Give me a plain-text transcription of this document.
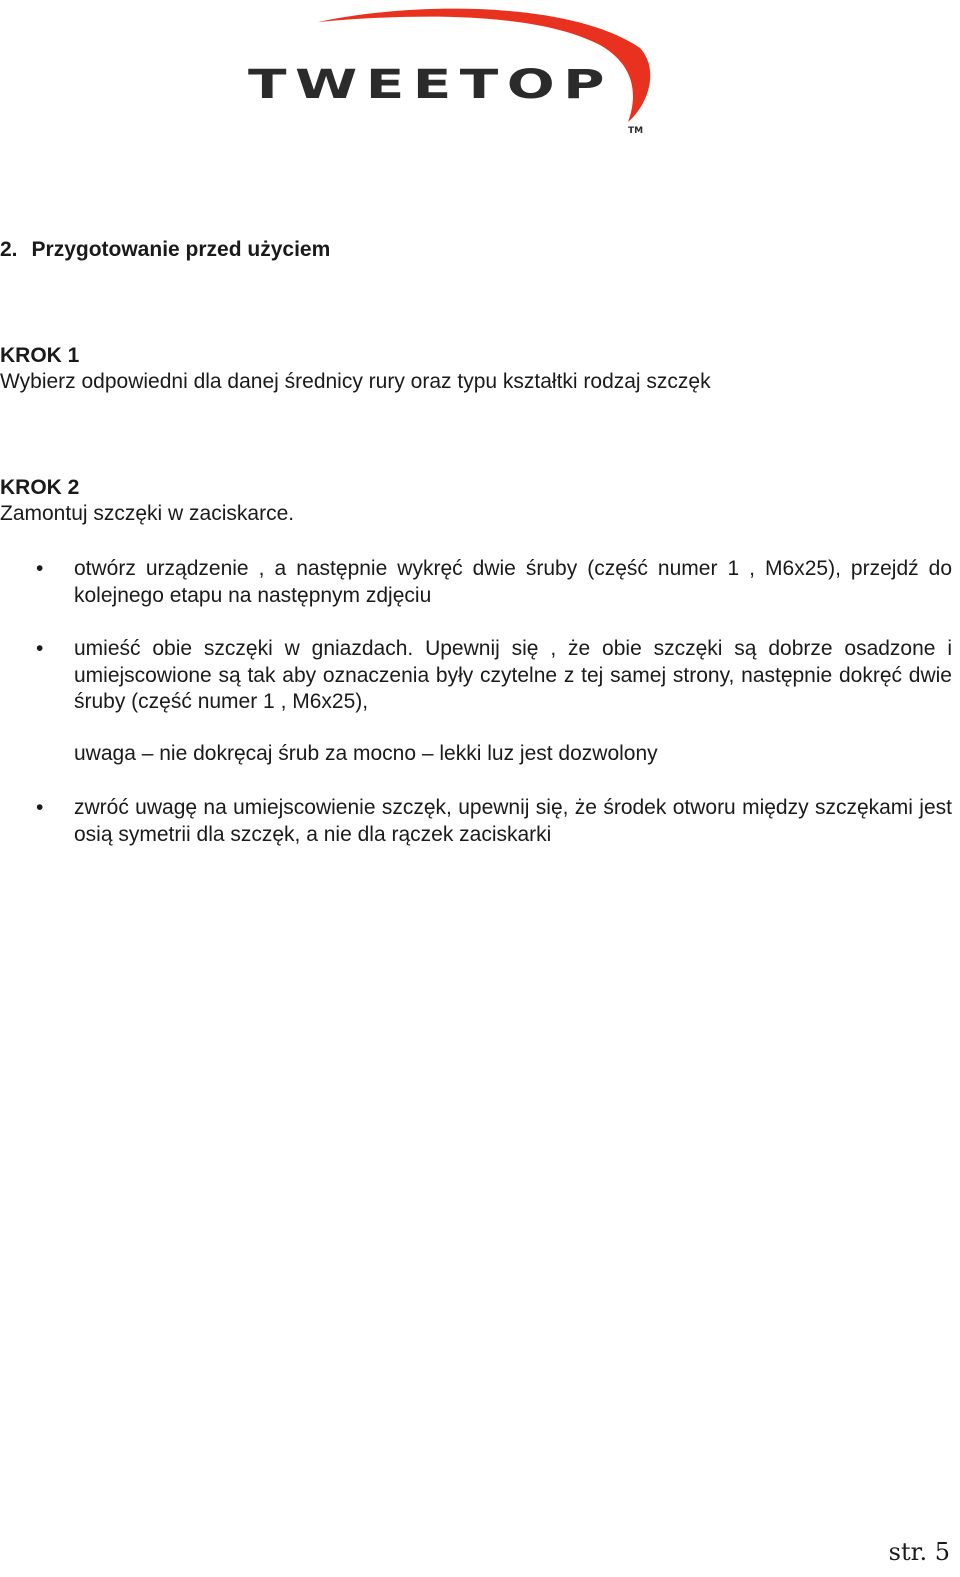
TWEETOP
TM
2. Przygotowanie przed użyciem
KROK 1

Wybierz odpowiedni dla danej średnicy rury oraz typu kształtki rodzaj szczęk

KROK 2

Zamontuj szczęki w zaciskarce.

• otwórz urządzenie , a następnie wykręć dwie śruby (część numer 1 , M6x25), przejdź do kolejnego etapu na następnym zdjęciu

• umieść obie szczęki w gniazdach. Upewnij się , że obie szczęki są dobrze osadzone i umiejscowione są tak aby oznaczenia były czytelne z tej samej strony, następnie dokręć dwie śruby (część numer 1 , M6x25),

uwaga – nie dokręcaj śrub za mocno – lekki luz jest dozwolony

• zwróć uwagę na umiejscowienie szczęk, upewnij się, że środek otworu między szczękami jest osią symetrii dla szczęk, a nie dla rączek zaciskarki

str. 5
